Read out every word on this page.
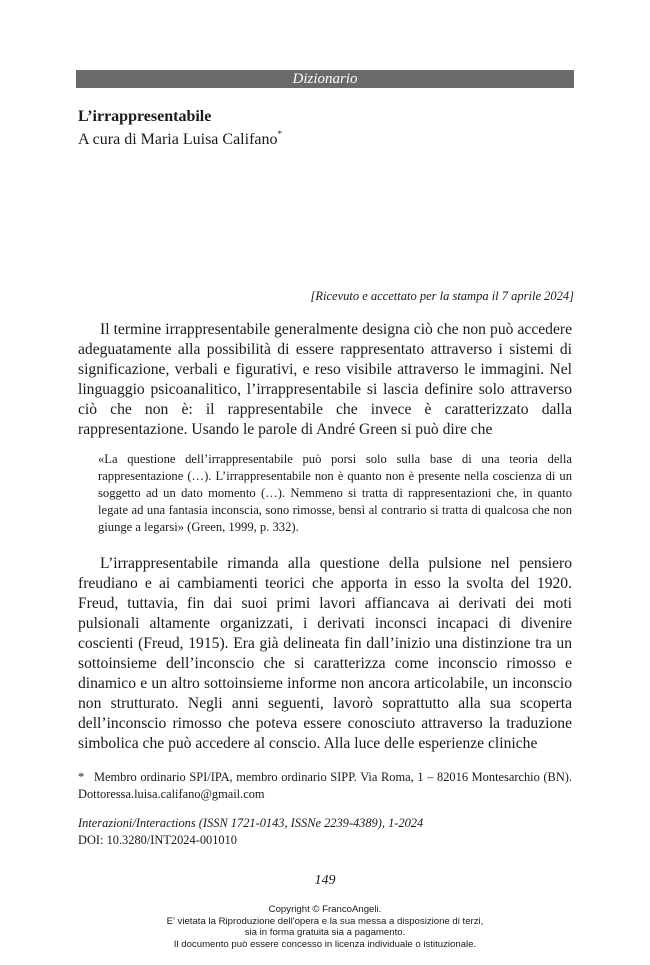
Dizionario
L’irrappresentabile
A cura di Maria Luisa Califano*
[Ricevuto e accettato per la stampa il 7 aprile 2024]

Il termine irrappresentabile generalmente designa ciò che non può accedere adeguatamente alla possibilità di essere rappresentato attraverso i sistemi di significazione, verbali e figurativi, e reso visibile attraverso le immagini. Nel linguaggio psicoanalitico, l’irrappresentabile si lascia definire solo attraverso ciò che non è: il rappresentabile che invece è caratterizzato dalla rappresentazione. Usando le parole di André Green si può dire che

«La questione dell’irrappresentabile può porsi solo sulla base di una teoria della rappresentazione (…). L’irrappresentabile non è quanto non è presente nella coscienza di un soggetto ad un dato momento (…). Nemmeno si tratta di rappresentazioni che, in quanto legate ad una fantasia inconscia, sono rimosse, bensì al contrario si tratta di qualcosa che non giunge a legarsi» (Green, 1999, p. 332).

L’irrappresentabile rimanda alla questione della pulsione nel pensiero freudiano e ai cambiamenti teorici che apporta in esso la svolta del 1920. Freud, tuttavia, fin dai suoi primi lavori affiancava ai derivati dei moti pulsionali altamente organizzati, i derivati inconsci incapaci di divenire coscienti (Freud, 1915). Era già delineata fin dall’inizio una distinzione tra un sottoinsieme dell’inconscio che si caratterizza come inconscio rimosso e dinamico e un altro sottoinsieme informe non ancora articolabile, un inconscio non strutturato. Negli anni seguenti, lavorò soprattutto alla sua scoperta dell’inconscio rimosso che poteva essere conosciuto attraverso la traduzione simbolica che può accedere al conscio. Alla luce delle esperienze cliniche

* Membro ordinario SPI/IPA, membro ordinario SIPP. Via Roma, 1 – 82016 Montesarchio (BN). Dottoressa.luisa.califano@gmail.com

Interazioni/Interactions (ISSN 1721-0143, ISSNe 2239-4389), 1-2024
DOI: 10.3280/INT2024-001010
149
Copyright © FrancoAngeli.
E' vietata la Riproduzione dell'opera e la sua messa a disposizione di terzi,
sia in forma gratuita sia a pagamento.
Il documento può essere concesso in licenza individuale o istituzionale.
